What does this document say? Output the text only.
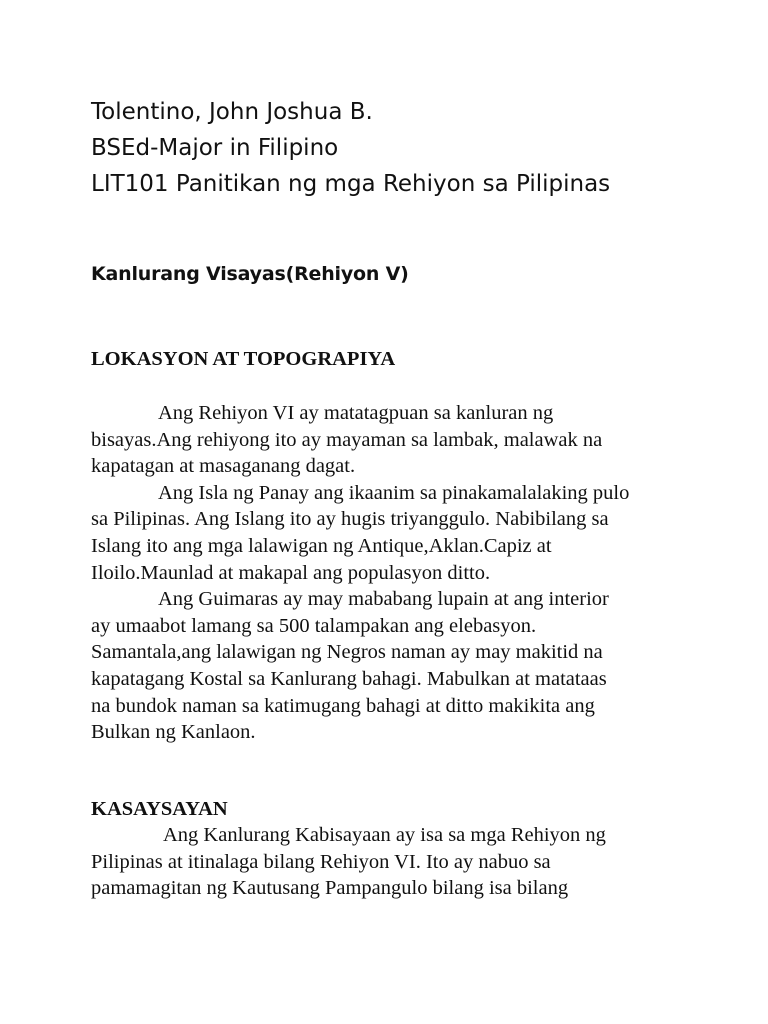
Tolentino, John Joshua B.
BSEd-Major in Filipino
LIT101 Panitikan ng mga Rehiyon sa Pilipinas
Kanlurang Visayas(Rehiyon V)
LOKASYON AT TOPOGRAPIYA
Ang Rehiyon VI ay matatagpuan sa kanluran ng
bisayas.Ang rehiyong ito ay mayaman sa lambak, malawak na
kapatagan at masaganang dagat.
Ang Isla ng Panay ang ikaanim sa pinakamalalaking pulo
sa Pilipinas. Ang Islang ito ay hugis triyanggulo. Nabibilang sa
Islang ito ang mga lalawigan ng Antique,Aklan.Capiz at
Iloilo.Maunlad at makapal ang populasyon ditto.
Ang Guimaras ay may mababang lupain at ang interior
ay umaabot lamang sa 500 talampakan ang elebasyon.
Samantala,ang lalawigan ng Negros naman ay may makitid na
kapatagang Kostal sa Kanlurang bahagi. Mabulkan at matataas
na bundok naman sa katimugang bahagi at ditto makikita ang
Bulkan ng Kanlaon.
KASAYSAYAN
Ang Kanlurang Kabisayaan ay isa sa mga Rehiyon ng
Pilipinas at itinalaga bilang Rehiyon VI. Ito ay nabuo sa
pamamagitan ng Kautusang Pampangulo bilang isa bilang
